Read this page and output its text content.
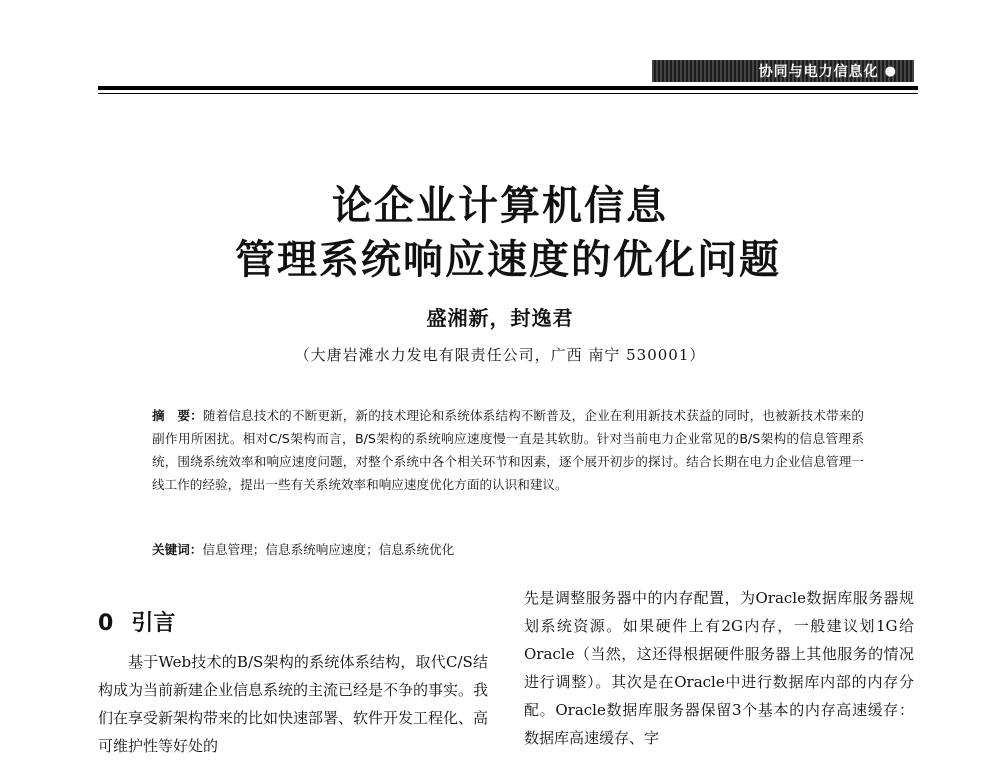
协同与电力信息化 ●
论企业计算机信息
管理系统响应速度的优化问题
盛湘新，封逸君
（大唐岩滩水力发电有限责任公司，广西 南宁 530001）
摘　要：随着信息技术的不断更新，新的技术理论和系统体系结构不断普及，企业在利用新技术获益的同时，也被新技术带来的副作用所困扰。相对C/S架构而言，B/S架构的系统响应速度慢一直是其软肋。针对当前电力企业常见的B/S架构的信息管理系统，围绕系统效率和响应速度问题，对整个系统中各个相关环节和因素，逐个展开初步的探讨。结合长期在电力企业信息管理一线工作的经验，提出一些有关系统效率和响应速度优化方面的认识和建议。
关键词：信息管理；信息系统响应速度；信息系统优化
0 引言

基于Web技术的B/S架构的系统体系结构，取代C/S结构成为当前新建企业信息系统的主流已经是不争的事实。我们在享受新架构带来的比如快速部署、软件开发工程化、高可维护性等好处的

先是调整服务器中的内存配置，为Oracle数据库服务器规划系统资源。如果硬件上有2G内存，一般建议划1G给Oracle（当然，这还得根据硬件服务器上其他服务的情况进行调整）。其次是在Oracle中进行数据库内部的内存分配。Oracle数据库服务器保留3个基本的内存高速缓存：数据库高速缓存、字
